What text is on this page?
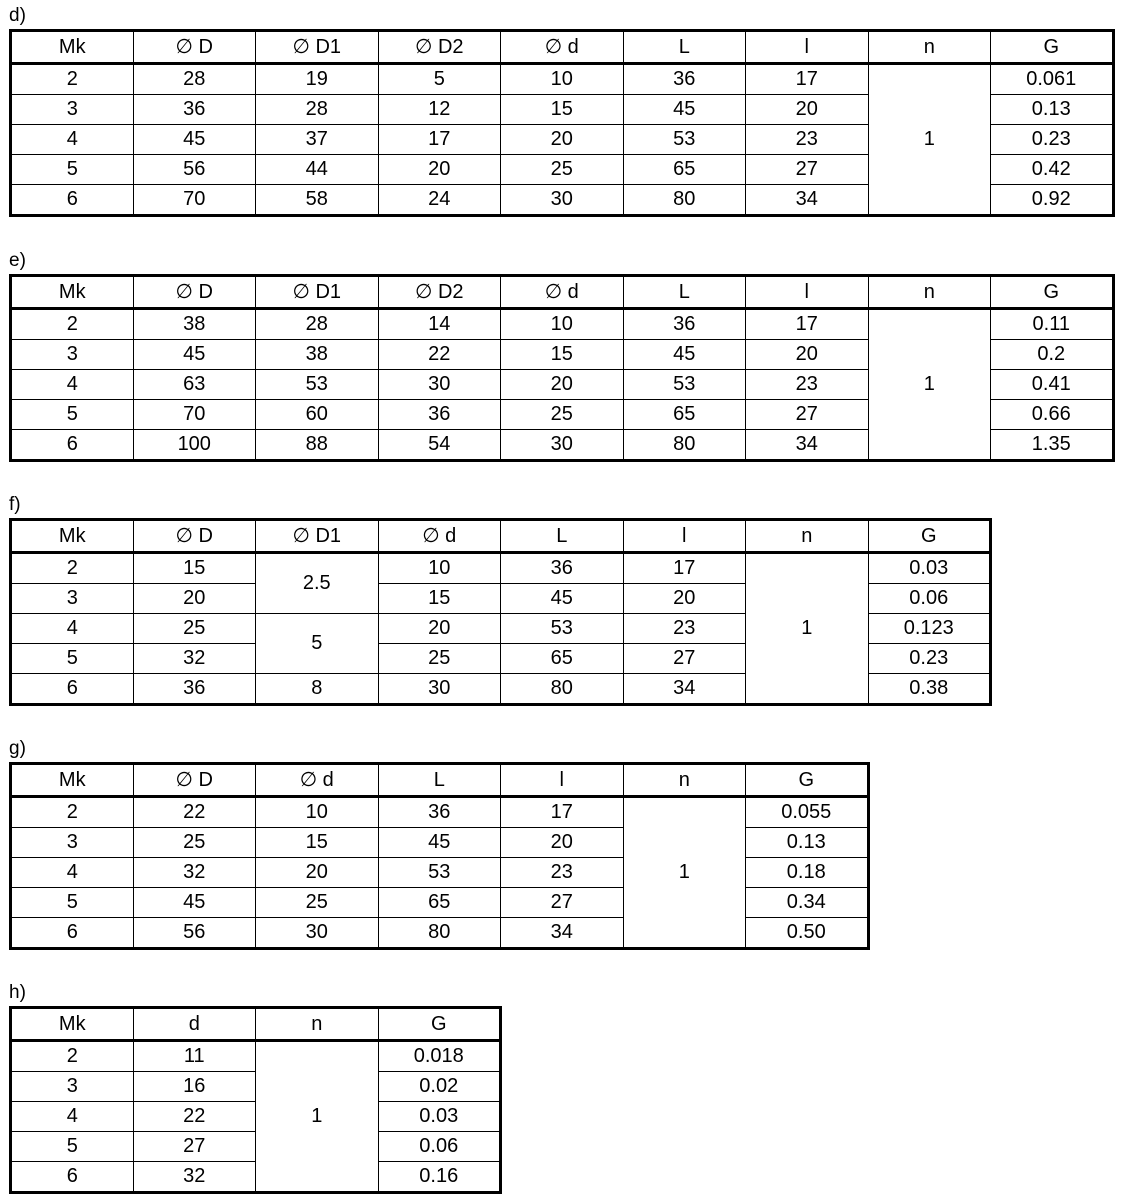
d)
Mk	∅ D	∅ D1	∅ D2	∅ d	L	l	n	G
2	28	19	5	10	36	17	1	0.061
3	36	28	12	15	45	20		0.13
4	45	37	17	20	53	23		0.23
5	56	44	20	25	65	27		0.42
6	70	58	24	30	80	34		0.92
e)
Mk	∅ D	∅ D1	∅ D2	∅ d	L	l	n	G
2	38	28	14	10	36	17	1	0.11
3	45	38	22	15	45	20		0.2
4	63	53	30	20	53	23		0.41
5	70	60	36	25	65	27		0.66
6	100	88	54	30	80	34		1.35
f)
Mk	∅ D	∅ D1	∅ d	L	l	n	G
2	15	2.5	10	36	17	1	0.03
3	20		15	45	20		0.06
4	25	5	20	53	23		0.123
5	32		25	65	27		0.23
6	36	8	30	80	34		0.38
g)
Mk	∅ D	∅ d	L	l	n	G
2	22	10	36	17	1	0.055
3	25	15	45	20		0.13
4	32	20	53	23		0.18
5	45	25	65	27		0.34
6	56	30	80	34		0.50
h)
Mk	d	n	G
2	11	1	0.018
3	16		0.02
4	22		0.03
5	27		0.06
6	32		0.16
